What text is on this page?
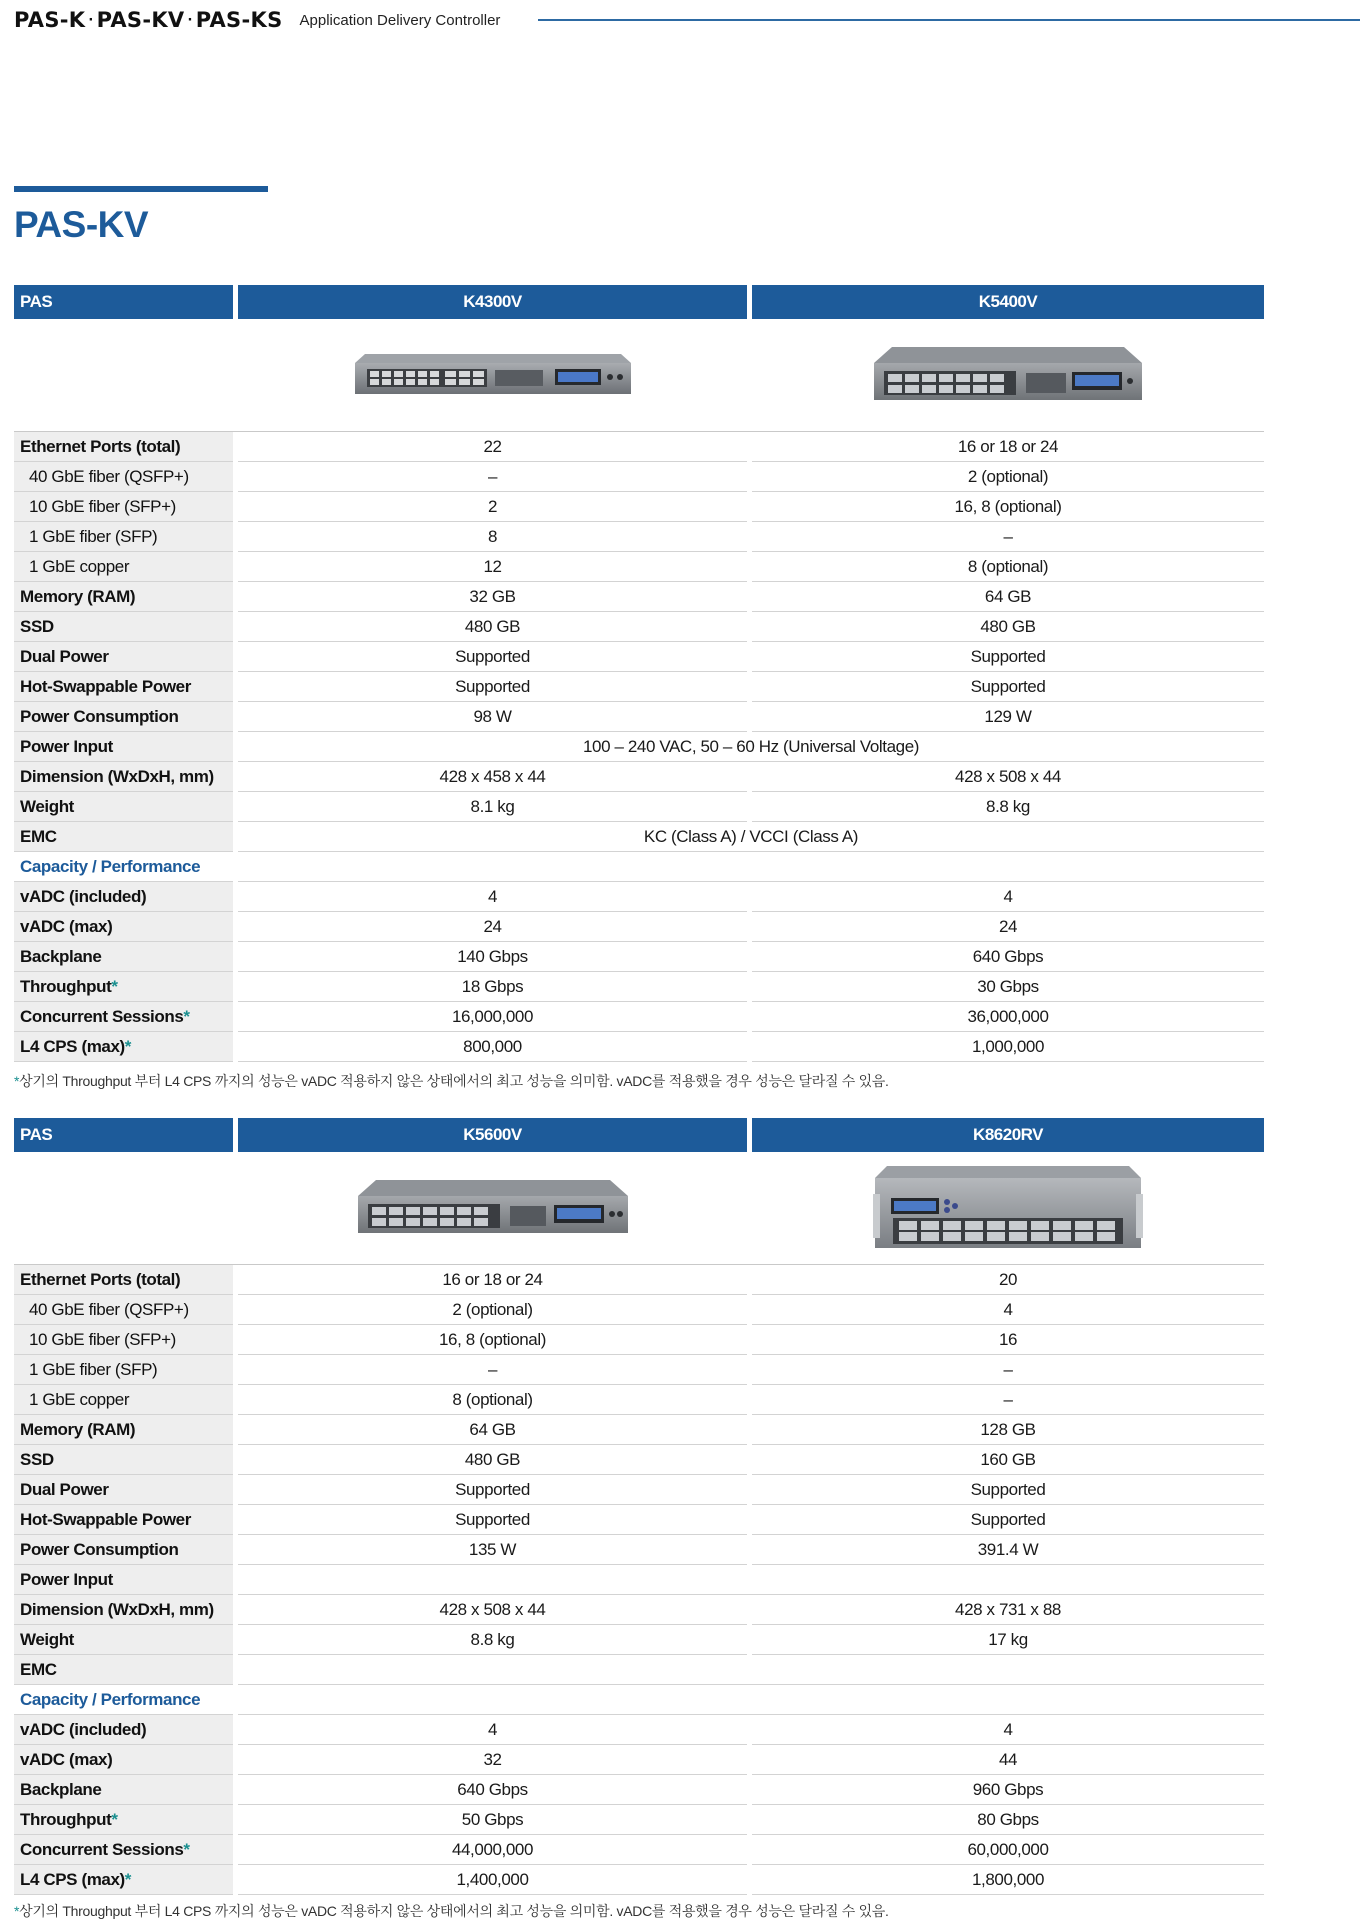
PAS-K · PAS-KV · PAS-KS Application Delivery Controller
PAS-KV
PAS	K4300V	K5400V
Ethernet Ports (total)	22	16 or 18 or 24
40 GbE fiber (QSFP+)	–	2 (optional)
10 GbE fiber (SFP+)	2	16, 8 (optional)
1 GbE fiber (SFP)	8	–
1 GbE copper	12	8 (optional)
Memory (RAM)	32 GB	64 GB
SSD	480 GB	480 GB
Dual Power	Supported	Supported
Hot-Swappable Power	Supported	Supported
Power Consumption	98 W	129 W
Power Input	100 – 240 VAC, 50 – 60 Hz (Universal Voltage)
Dimension (WxDxH, mm)	428 x 458 x 44	428 x 508 x 44
Weight	8.1 kg	8.8 kg
EMC	KC (Class A) / VCCI (Class A)
Capacity / Performance
vADC (included)	4	4
vADC (max)	24	24
Backplane	140 Gbps	640 Gbps
Throughput *	18 Gbps	30 Gbps
Concurrent Sessions *	16,000,000	36,000,000
L4 CPS (max) *	800,000	1,000,000
*상기의 Throughput 부터 L4 CPS 까지의 성능은 vADC 적용하지 않은 상태에서의 최고 성능을 의미함. vADC를 적용했을 경우 성능은 달라질 수 있음.
PAS	K5600V	K8620RV
Ethernet Ports (total)	16 or 18 or 24	20
40 GbE fiber (QSFP+)	2 (optional)	4
10 GbE fiber (SFP+)	16, 8 (optional)	16
1 GbE fiber (SFP)	–	–
1 GbE copper	8 (optional)	–
Memory (RAM)	64 GB	128 GB
SSD	480 GB	160 GB
Dual Power	Supported	Supported
Hot-Swappable Power	Supported	Supported
Power Consumption	135 W	391.4 W
Power Input
Dimension (WxDxH, mm)	428 x 508 x 44	428 x 731 x 88
Weight	8.8 kg	17 kg
EMC
Capacity / Performance
vADC (included)	4	4
vADC (max)	32	44
Backplane	640 Gbps	960 Gbps
Throughput *	50 Gbps	80 Gbps
Concurrent Sessions *	44,000,000	60,000,000
L4 CPS (max) *	1,400,000	1,800,000
*상기의 Throughput 부터 L4 CPS 까지의 성능은 vADC 적용하지 않은 상태에서의 최고 성능을 의미함. vADC를 적용했을 경우 성능은 달라질 수 있음.
